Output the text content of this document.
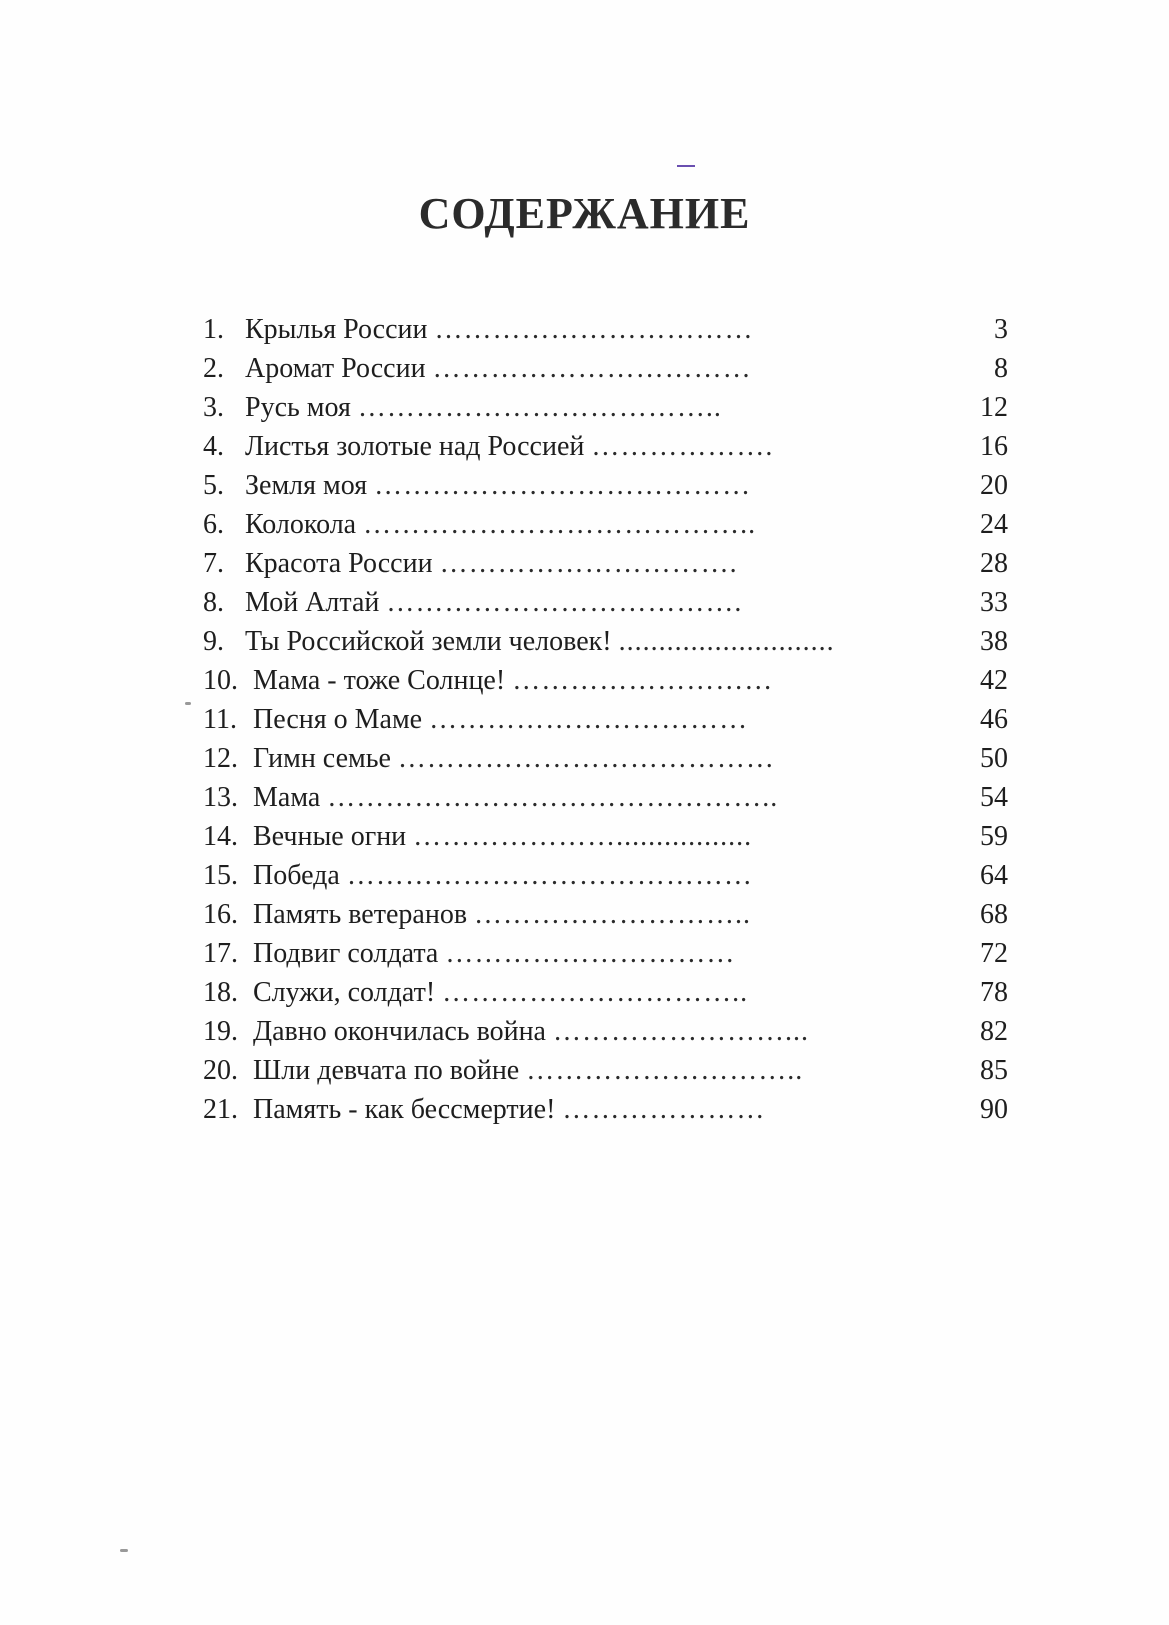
СОДЕРЖАНИЕ
1. Крылья России ……………………………	3
2. Аромат России ……………………………	8
3. Русь моя ………………………………..	12
4. Листья золотые над Россией ……………….	16
5. Земля моя …………………………………	20
6. Колокола …………………………………..	24
7. Красота России ………………………….	28
8. Мой Алтай ……………………………….	33
9. Ты Российской земли человек! ...........................	38
10. Мама - тоже Солнце! ………………………	42
11. Песня о Маме ……………………………	46
12. Гимн семье …………………………………	50
13. Мама ………………………………………..	54
14. Вечные огни ………………….................	59
15. Победа ……………………………………	64
16. Память ветеранов ………………………..	68
17. Подвиг солдата …………………………	72
18. Служи, солдат! …………………………..	78
19. Давно окончилась война ……………………...	82
20. Шли девчата по войне ………………………..	85
21. Память - как бессмертие! …………………	90
